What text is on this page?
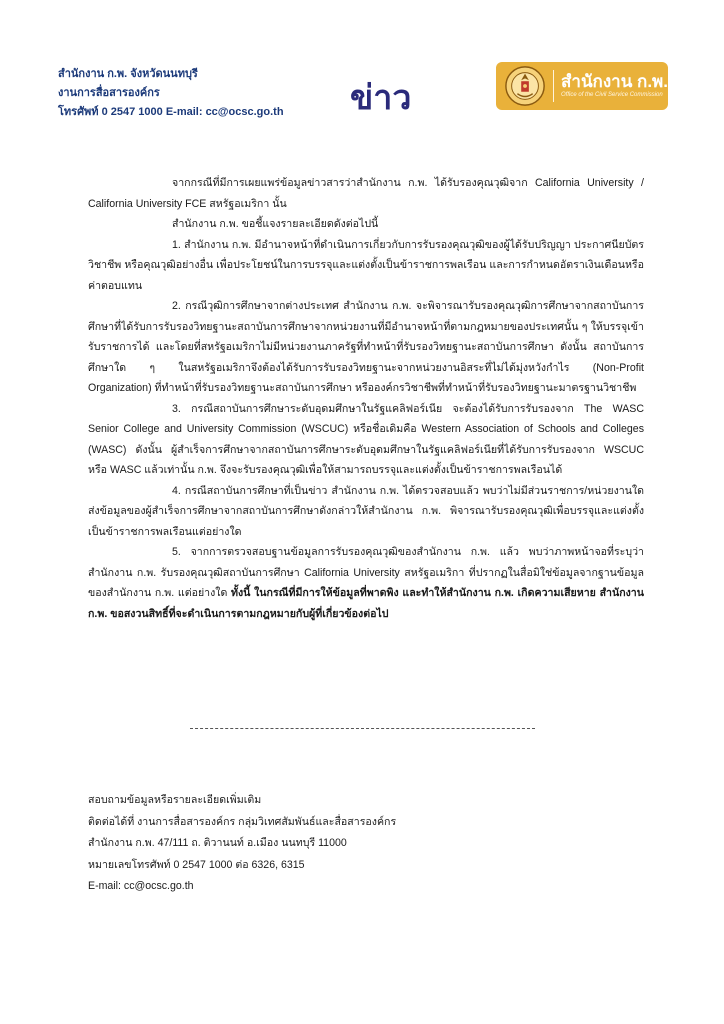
สำนักงาน ก.พ. จังหวัดนนทบุรี
งานการสื่อสารองค์กร
โทรศัพท์ 0 2547 1000 E-mail: cc@ocsc.go.th	ข่าว	สำนักงาน ก.พ.
Office of the Civil Service Commission

จากกรณีที่มีการเผยแพร่ข้อมูลข่าวสารว่าสำนักงาน ก.พ. ได้รับรองคุณวุฒิจาก California University / California University FCE สหรัฐอเมริกา นั้น

สำนักงาน ก.พ. ขอชี้แจงรายละเอียดดังต่อไปนี้

1. สำนักงาน ก.พ. มีอำนาจหน้าที่ดำเนินการเกี่ยวกับการรับรองคุณวุฒิของผู้ได้รับปริญญา ประกาศนียบัตรวิชาชีพ หรือคุณวุฒิอย่างอื่น เพื่อประโยชน์ในการบรรจุและแต่งตั้งเป็นข้าราชการพลเรือน และการกำหนดอัตราเงินเดือนหรือค่าตอบแทน

2. กรณีวุฒิการศึกษาจากต่างประเทศ สำนักงาน ก.พ. จะพิจารณารับรองคุณวุฒิการศึกษาจากสถาบันการศึกษาที่ได้รับการรับรองวิทยฐานะสถาบันการศึกษาจากหน่วยงานที่มีอำนาจหน้าที่ตามกฎหมายของประเทศนั้น ๆ ให้บรรจุเข้ารับราชการได้ และโดยที่สหรัฐอเมริกาไม่มีหน่วยงานภาครัฐที่ทำหน้าที่รับรองวิทยฐานะสถาบันการศึกษา ดังนั้น สถาบันการศึกษาใด ๆ ในสหรัฐอเมริกาจึงต้องได้รับการรับรองวิทยฐานะจากหน่วยงานอิสระที่ไม่ได้มุ่งหวังกำไร (Non-Profit Organization) ที่ทำหน้าที่รับรองวิทยฐานะสถาบันการศึกษา หรือองค์กรวิชาชีพที่ทำหน้าที่รับรองวิทยฐานะมาตรฐานวิชาชีพ

3. กรณีสถาบันการศึกษาระดับอุดมศึกษาในรัฐแคลิฟอร์เนีย จะต้องได้รับการรับรองจาก The WASC Senior College and University Commission (WSCUC) หรือชื่อเดิมคือ Western Association of Schools and Colleges (WASC) ดังนั้น ผู้สำเร็จการศึกษาจากสถาบันการศึกษาระดับอุดมศึกษาในรัฐแคลิฟอร์เนียที่ได้รับการรับรองจาก WSCUC หรือ WASC แล้วเท่านั้น ก.พ. จึงจะรับรองคุณวุฒิเพื่อให้สามารถบรรจุและแต่งตั้งเป็นข้าราชการพลเรือนได้

4. กรณีสถาบันการศึกษาที่เป็นข่าว สำนักงาน ก.พ. ได้ตรวจสอบแล้ว พบว่าไม่มีส่วนราชการ/หน่วยงานใดส่งข้อมูลของผู้สำเร็จการศึกษาจากสถาบันการศึกษาดังกล่าวให้สำนักงาน ก.พ. พิจารณารับรองคุณวุฒิเพื่อบรรจุและแต่งตั้งเป็นข้าราชการพลเรือนแต่อย่างใด

5. จากการตรวจสอบฐานข้อมูลการรับรองคุณวุฒิของสำนักงาน ก.พ. แล้ว พบว่าภาพหน้าจอที่ระบุว่าสำนักงาน ก.พ. รับรองคุณวุฒิสถาบันการศึกษา California University สหรัฐอเมริกา ที่ปรากฏในสื่อมิใช่ข้อมูลจากฐานข้อมูลของสำนักงาน ก.พ. แต่อย่างใด ทั้งนี้ ในกรณีที่มีการให้ข้อมูลที่พาดพิง และทำให้สำนักงาน ก.พ. เกิดความเสียหาย สำนักงาน ก.พ. ขอสงวนสิทธิ์ที่จะดำเนินการตามกฎหมายกับผู้ที่เกี่ยวข้องต่อไป

สอบถามข้อมูลหรือรายละเอียดเพิ่มเติม
ติดต่อได้ที่ งานการสื่อสารองค์กร กลุ่มวิเทศสัมพันธ์และสื่อสารองค์กร
สำนักงาน ก.พ. 47/111 ถ. ติวานนท์ อ.เมือง นนทบุรี 11000
หมายเลขโทรศัพท์ 0 2547 1000 ต่อ 6326, 6315
E-mail: cc@ocsc.go.th
